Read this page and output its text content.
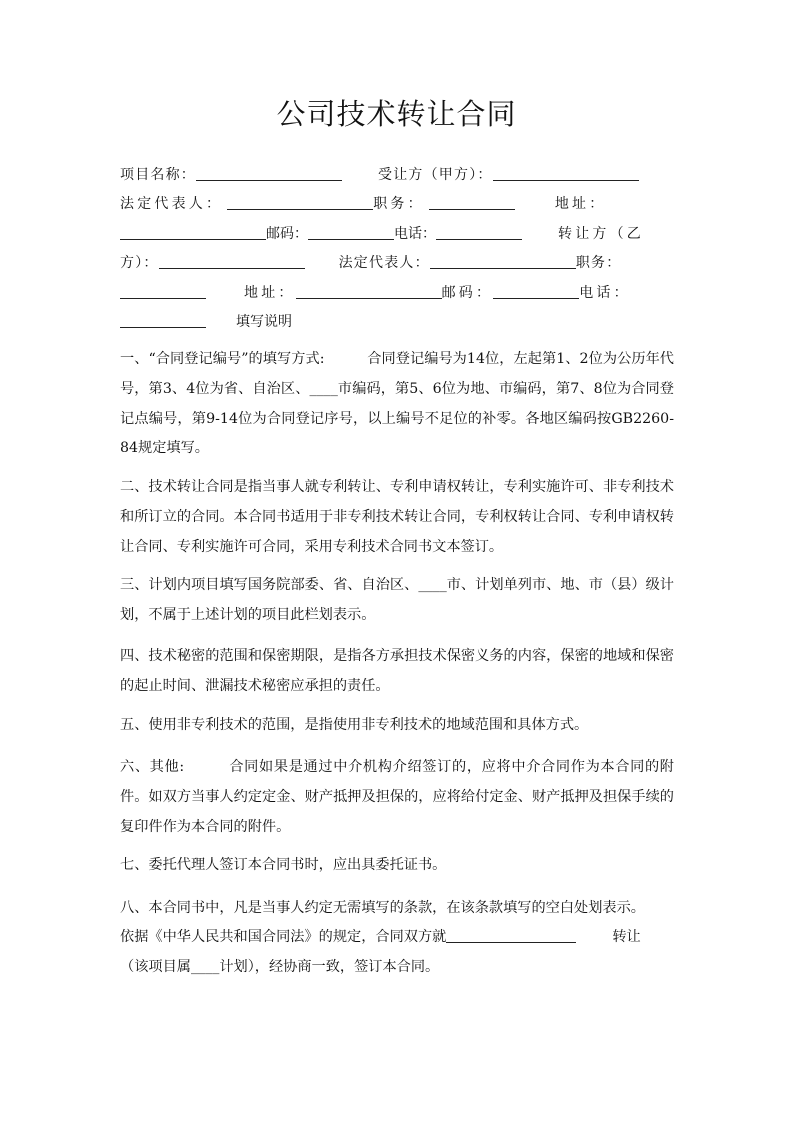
公司技术转让合同
项目名称：	受让方（甲方）：
法定代表人：	职务：	地址：
邮码：	电话：	转让方（乙
方）：	法定代表人：	职务：
地址：	邮码：	电话：
填写说明

一、“合同登记编号”的填写方式:　　　合同登记编号为14位，左起第1、2位为公历年代号，第3、4位为省、自治区、____市编码，第5、6位为地、市编码，第7、8位为合同登记点编号，第9-14位为合同登记序号，以上编号不足位的补零。各地区编码按GB2260-84规定填写。

二、技术转让合同是指当事人就专利转让、专利申请权转让，专利实施许可、非专利技术和所订立的合同。本合同书适用于非专利技术转让合同，专利权转让合同、专利申请权转让合同、专利实施许可合同，采用专利技术合同书文本签订。

三、计划内项目填写国务院部委、省、自治区、____市、计划单列市、地、市（县）级计划，不属于上述计划的项目此栏划表示。

四、技术秘密的范围和保密期限，是指各方承担技术保密义务的内容，保密的地域和保密的起止时间、泄漏技术秘密应承担的责任。

五、使用非专利技术的范围，是指使用非专利技术的地域范围和具体方式。

六、其他:　　　合同如果是通过中介机构介绍签订的，应将中介合同作为本合同的附件。如双方当事人约定定金、财产抵押及担保的，应将给付定金、财产抵押及担保手续的复印件作为本合同的附件。

七、委托代理人签订本合同书时，应出具委托证书。

八、本合同书中，凡是当事人约定无需填写的条款，在该条款填写的空白处划表示。

依据《中华人民共和国合同法》的规定，合同双方就	转让
（该项目属____计划），经协商一致，签订本合同。
